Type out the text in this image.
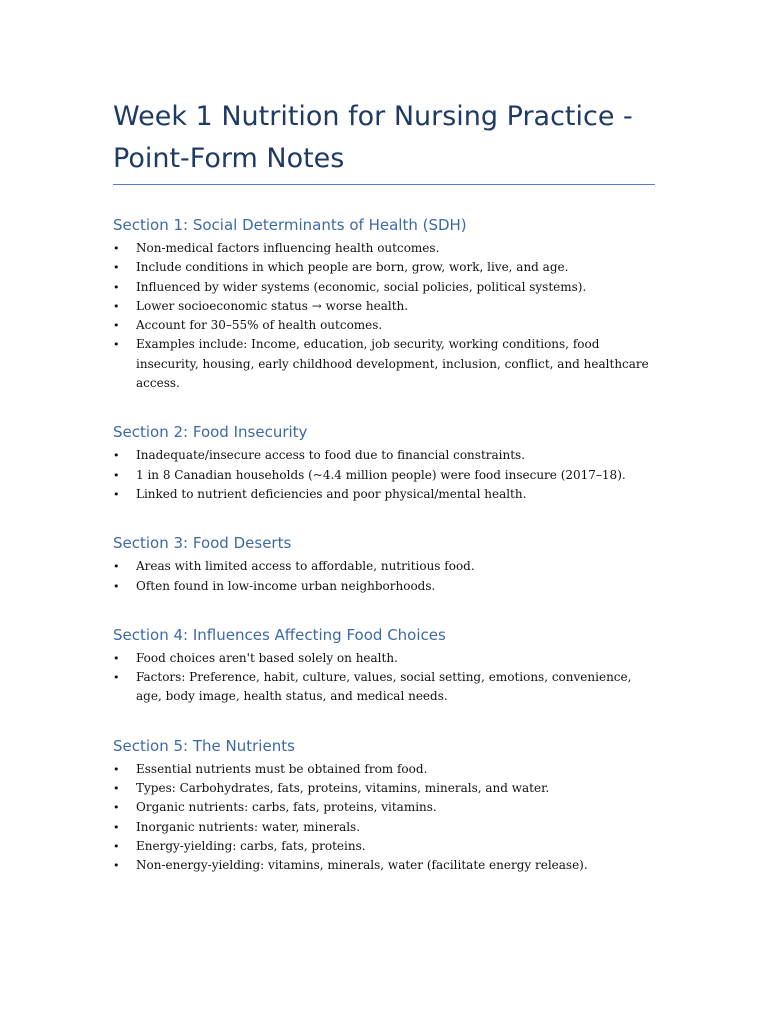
Week 1 Nutrition for Nursing Practice - Point-Form Notes
Section 1: Social Determinants of Health (SDH)
• Non-medical factors influencing health outcomes.
• Include conditions in which people are born, grow, work, live, and age.
• Influenced by wider systems (economic, social policies, political systems).
• Lower socioeconomic status → worse health.
• Account for 30–55% of health outcomes.
• Examples include: Income, education, job security, working conditions, food insecurity, housing, early childhood development, inclusion, conflict, and healthcare access.
Section 2: Food Insecurity
• Inadequate/insecure access to food due to financial constraints.
• 1 in 8 Canadian households (~4.4 million people) were food insecure (2017–18).
• Linked to nutrient deficiencies and poor physical/mental health.
Section 3: Food Deserts
• Areas with limited access to affordable, nutritious food.
• Often found in low-income urban neighborhoods.
Section 4: Influences Affecting Food Choices
• Food choices aren't based solely on health.
• Factors: Preference, habit, culture, values, social setting, emotions, convenience, age, body image, health status, and medical needs.
Section 5: The Nutrients
• Essential nutrients must be obtained from food.
• Types: Carbohydrates, fats, proteins, vitamins, minerals, and water.
• Organic nutrients: carbs, fats, proteins, vitamins.
• Inorganic nutrients: water, minerals.
• Energy-yielding: carbs, fats, proteins.
• Non-energy-yielding: vitamins, minerals, water (facilitate energy release).
